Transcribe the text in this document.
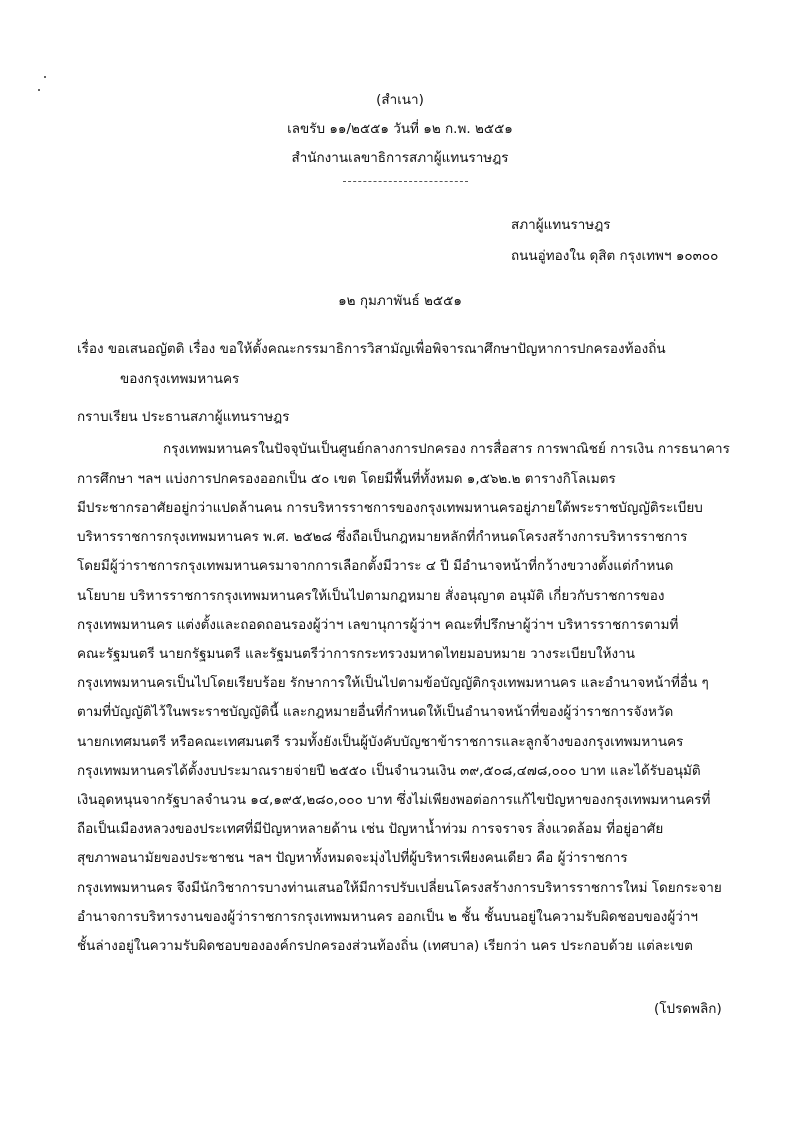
(สำเนา)
เลขรับ ๑๑/๒๕๕๑ วันที่ ๑๒ ก.พ. ๒๕๕๑
สำนักงานเลขาธิการสภาผู้แทนราษฎร
สภาผู้แทนราษฎร
ถนนอู่ทองใน ดุสิต กรุงเทพฯ ๑๐๓๐๐
๑๒ กุมภาพันธ์ ๒๕๕๑
เรื่อง ขอเสนอญัตติ เรื่อง ขอให้ตั้งคณะกรรมาธิการวิสามัญเพื่อพิจารณาศึกษาปัญหาการปกครองท้องถิ่น
ของกรุงเทพมหานคร
กราบเรียน ประธานสภาผู้แทนราษฎร
กรุงเทพมหานครในปัจจุบันเป็นศูนย์กลางการปกครอง การสื่อสาร การพาณิชย์ การเงิน การธนาคาร
การศึกษา ฯลฯ แบ่งการปกครองออกเป็น ๕๐ เขต โดยมีพื้นที่ทั้งหมด ๑,๕๖๒.๒ ตารางกิโลเมตร
มีประชากรอาศัยอยู่กว่าแปดล้านคน การบริหารราชการของกรุงเทพมหานครอยู่ภายใต้พระราชบัญญัติระเบียบ
บริหารราชการกรุงเทพมหานคร พ.ศ. ๒๕๒๘ ซึ่งถือเป็นกฎหมายหลักที่กำหนดโครงสร้างการบริหารราชการ
โดยมีผู้ว่าราชการกรุงเทพมหานครมาจากการเลือกตั้งมีวาระ ๔ ปี มีอำนาจหน้าที่กว้างขวางตั้งแต่กำหนด
นโยบาย บริหารราชการกรุงเทพมหานครให้เป็นไปตามกฎหมาย สั่งอนุญาต อนุมัติ เกี่ยวกับราชการของ
กรุงเทพมหานคร แต่งตั้งและถอดถอนรองผู้ว่าฯ เลขานุการผู้ว่าฯ คณะที่ปรึกษาผู้ว่าฯ บริหารราชการตามที่
คณะรัฐมนตรี นายกรัฐมนตรี และรัฐมนตรีว่าการกระทรวงมหาดไทยมอบหมาย วางระเบียบให้งาน
กรุงเทพมหานครเป็นไปโดยเรียบร้อย รักษาการให้เป็นไปตามข้อบัญญัติกรุงเทพมหานคร และอำนาจหน้าที่อื่น ๆ
ตามที่บัญญัติไว้ในพระราชบัญญัตินี้ และกฎหมายอื่นที่กำหนดให้เป็นอำนาจหน้าที่ของผู้ว่าราชการจังหวัด
นายกเทศมนตรี หรือคณะเทศมนตรี รวมทั้งยังเป็นผู้บังคับบัญชาข้าราชการและลูกจ้างของกรุงเทพมหานคร
กรุงเทพมหานครได้ตั้งงบประมาณรายจ่ายปี ๒๕๕๐ เป็นจำนวนเงิน ๓๙,๕๐๘,๔๗๘,๐๐๐ บาท และได้รับอนุมัติ
เงินอุดหนุนจากรัฐบาลจำนวน ๑๔,๑๙๕,๒๘๐,๐๐๐ บาท ซึ่งไม่เพียงพอต่อการแก้ไขปัญหาของกรุงเทพมหานครที่
ถือเป็นเมืองหลวงของประเทศที่มีปัญหาหลายด้าน เช่น ปัญหาน้ำท่วม การจราจร สิ่งแวดล้อม ที่อยู่อาศัย
สุขภาพอนามัยของประชาชน ฯลฯ ปัญหาทั้งหมดจะมุ่งไปที่ผู้บริหารเพียงคนเดียว คือ ผู้ว่าราชการ
กรุงเทพมหานคร จึงมีนักวิชาการบางท่านเสนอให้มีการปรับเปลี่ยนโครงสร้างการบริหารราชการใหม่ โดยกระจาย
อำนาจการบริหารงานของผู้ว่าราชการกรุงเทพมหานคร ออกเป็น ๒ ชั้น ชั้นบนอยู่ในความรับผิดชอบของผู้ว่าฯ
ชั้นล่างอยู่ในความรับผิดชอบขององค์กรปกครองส่วนท้องถิ่น (เทศบาล) เรียกว่า นคร ประกอบด้วย แต่ละเขต
(โปรดพลิก)
